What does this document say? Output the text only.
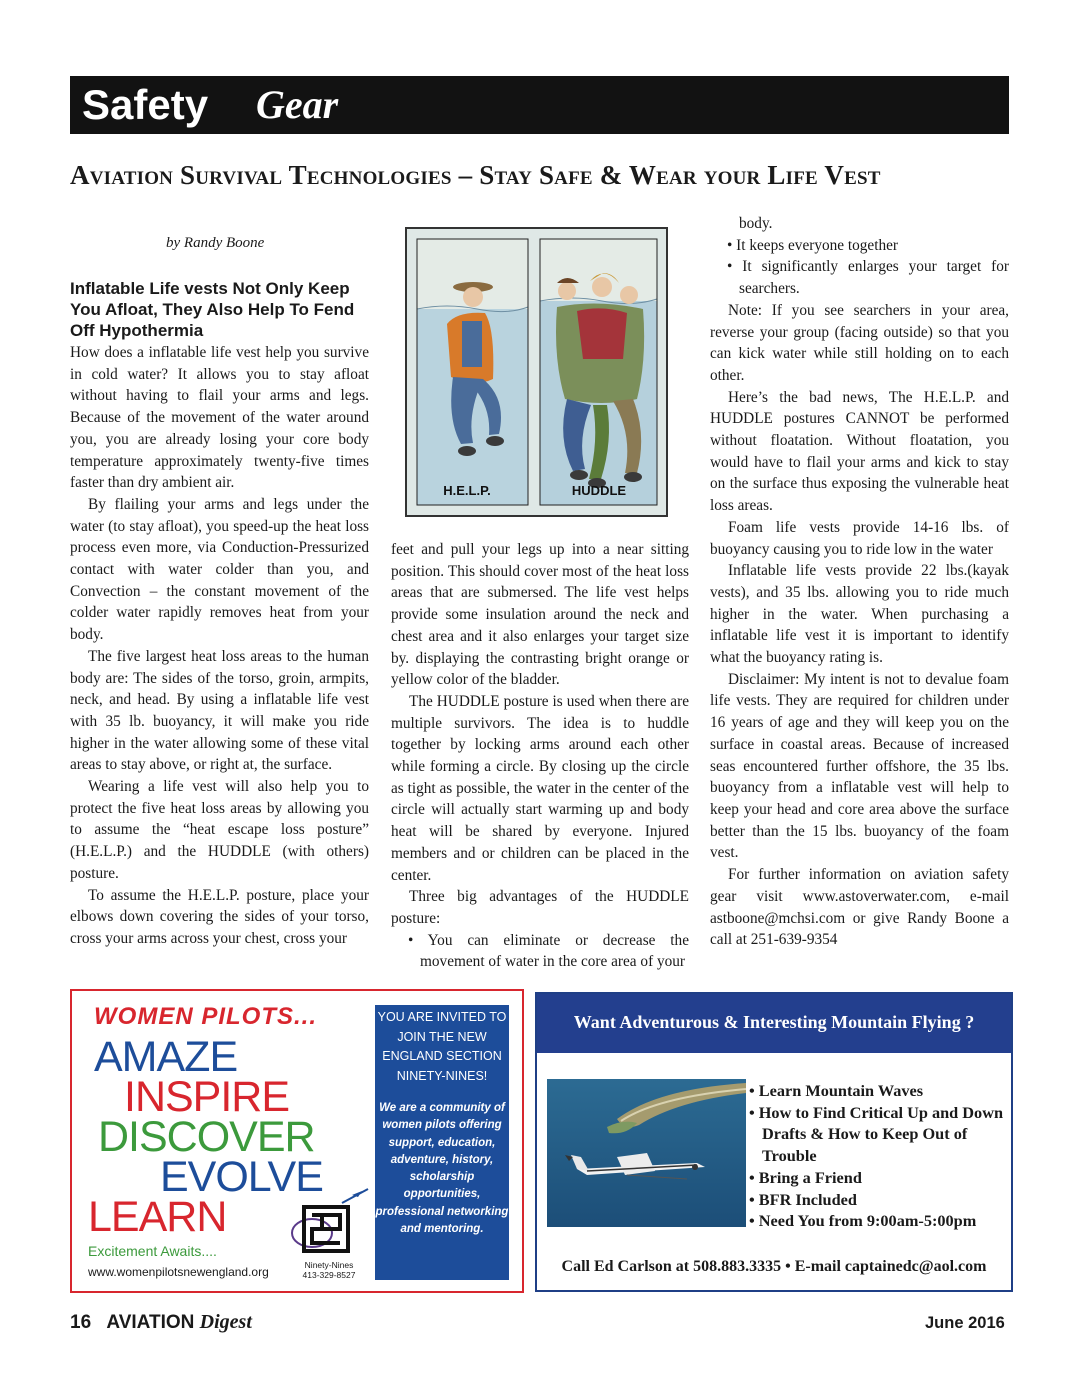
Safety Gear
Aviation Survival Technologies – Stay Safe & Wear your Life Vest
by Randy Boone
Inflatable Life vests Not Only Keep You Afloat, They Also Help To Fend Off Hypothermia

How does a inflatable life vest help you survive in cold water? It allows you to stay afloat without having to flail your arms and legs. Because of the movement of the water around you, you are already losing your core body temperature approximately twenty-five times faster than dry ambient air.

By flailing your arms and legs under the water (to stay afloat), you speed-up the heat loss process even more, via Conduction-Pressurized contact with water colder than you, and Convection – the constant movement of the colder water rapidly removes heat from your body.

The five largest heat loss areas to the human body are: The sides of the torso, groin, armpits, neck, and head. By using a inflatable life vest with 35 lb. buoyancy, it will make you ride higher in the water allowing some of these vital areas to stay above, or right at, the surface.

Wearing a life vest will also help you to protect the five heat loss areas by allowing you to assume the “heat escape loss posture” (H.E.L.P.) and the HUDDLE (with others) posture.

To assume the H.E.L.P. posture, place your elbows down covering the sides of your torso, cross your arms across your chest, cross your

H.E.L.P.	HUDDLE

feet and pull your legs up into a near sitting position. This should cover most of the heat loss areas that are submersed. The life vest helps provide some insulation around the neck and chest area and it also enlarges your target size by. displaying the contrasting bright orange or yellow color of the bladder.

The HUDDLE posture is used when there are multiple survivors. The idea is to huddle together by locking arms around each other while forming a circle. By closing up the circle as tight as possible, the water in the center of the circle will actually start warming up and body heat will be shared by everyone. Injured members and or children can be placed in the center.

Three big advantages of the HUDDLE posture:

• You can eliminate or decrease the movement of water in the core area of your
body.
• It keeps everyone together
• It significantly enlarges your target for searchers.

Note: If you see searchers in your area, reverse your group (facing outside) so that you can kick water while still holding on to each other.

Here’s the bad news, The H.E.L.P. and HUDDLE postures CANNOT be performed without floatation. Without floatation, you would have to flail your arms and kick to stay on the surface thus exposing the vulnerable heat loss areas.

Foam life vests provide 14-16 lbs. of buoyancy causing you to ride low in the water

Inflatable life vests provide 22 lbs.(kayak vests), and 35 lbs. allowing you to ride much higher in the water. When purchasing a inflatable life vest it is important to identify what the buoyancy rating is.

Disclaimer: My intent is not to devalue foam life vests. They are required for children under 16 years of age and they will keep you on the surface in coastal areas. Because of increased seas encountered further offshore, the 35 lbs. buoyancy from a inflatable vest will help to keep your head and core area above the surface better than the 15 lbs. buoyancy of the foam vest.

For further information on aviation safety gear visit www.astoverwater.com, e-mail astboone@mchsi.com or give Randy Boone a call at 251-639-9354

WOMEN PILOTS...
AMAZE
INSPIRE
DISCOVER
EVOLVE
LEARN
Excitement Awaits....
www.womenpilotsnewengland.org	Ninety-Nines
413-329-8527
YOU ARE INVITED TO JOIN THE NEW ENGLAND SECTION NINETY-NINES!
We are a community of women pilots offering support, education, adventure, history, scholarship opportunities, professional networking and mentoring.
Want Adventurous & Interesting Mountain Flying ?
• Learn Mountain Waves
• How to Find Critical Up and Down Drafts & How to Keep Out of Trouble
• Bring a Friend
• BFR Included
• Need You from 9:00am-5:00pm
Call Ed Carlson at 508.883.3335 • E-mail captainedc@aol.com
16 AVIATION Digest	June 2016
